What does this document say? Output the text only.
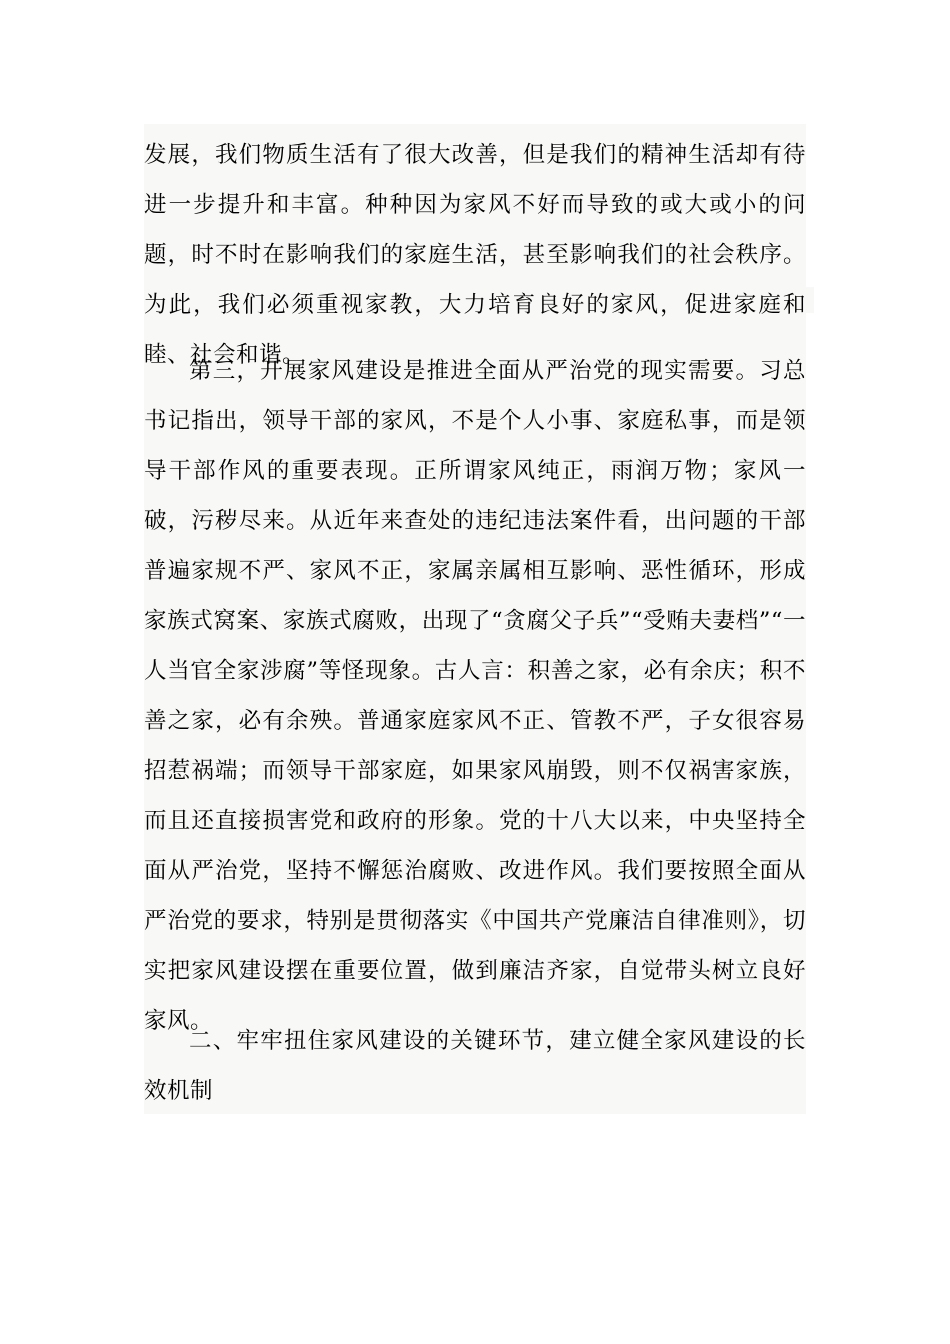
发展，我们物质生活有了很大改善，但是我们的精神生活却有待进一步提升和丰富。种种因为家风不好而导致的或大或小的问题，时不时在影响我们的家庭生活，甚至影响我们的社会秩序。为此，我们必须重视家教，大力培育良好的家风，促进家庭和睦、社会和谐。

第三，开展家风建设是推进全面从严治党的现实需要。习总书记指出，领导干部的家风，不是个人小事、家庭私事，而是领导干部作风的重要表现。正所谓家风纯正，雨润万物；家风一破，污秽尽来。从近年来查处的违纪违法案件看，出问题的干部普遍家规不严、家风不正，家属亲属相互影响、恶性循环，形成家族式窝案、家族式腐败，出现了“贪腐父子兵”“受贿夫妻档”“一人当官全家涉腐”等怪现象。古人言：积善之家，必有余庆；积不善之家，必有余殃。普通家庭家风不正、管教不严，子女很容易招惹祸端；而领导干部家庭，如果家风崩毁，则不仅祸害家族，而且还直接损害党和政府的形象。党的十八大以来，中央坚持全面从严治党，坚持不懈惩治腐败、改进作风。我们要按照全面从严治党的要求，特别是贯彻落实《中国共产党廉洁自律准则》，切实把家风建设摆在重要位置，做到廉洁齐家，自觉带头树立良好家风。

二、牢牢扭住家风建设的关键环节，建立健全家风建设的长效机制
